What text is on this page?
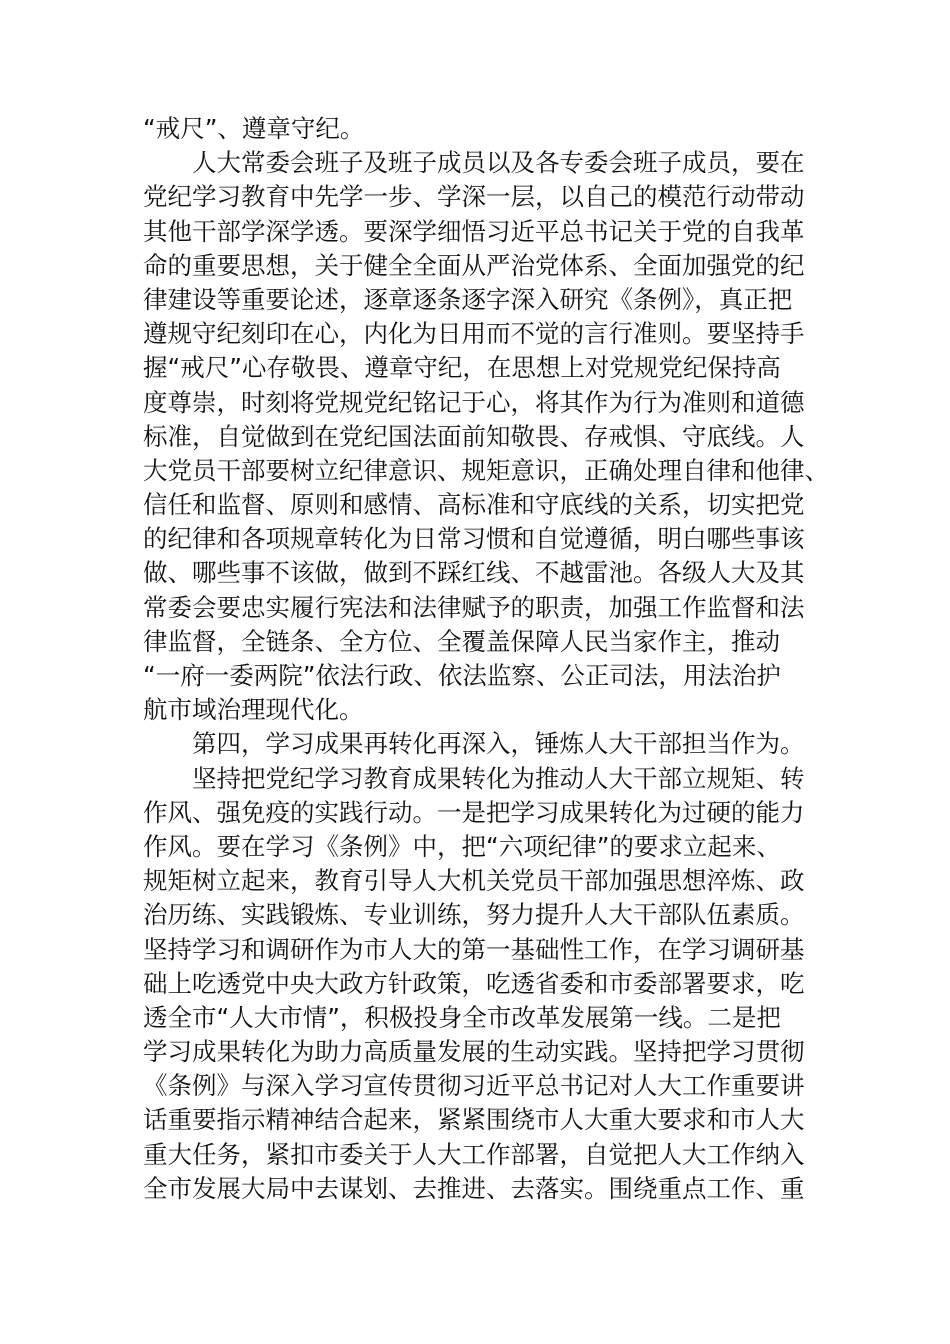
“戒尺”、遵章守纪。
人大常委会班子及班子成员以及各专委会班子成员，要在
党纪学习教育中先学一步、学深一层，以自己的模范行动带动
其他干部学深学透。要深学细悟习近平总书记关于党的自我革
命的重要思想，关于健全全面从严治党体系、全面加强党的纪
律建设等重要论述，逐章逐条逐字深入研究《条例》，真正把
遵规守纪刻印在心，内化为日用而不觉的言行准则。要坚持手
握“戒尺”心存敬畏、遵章守纪，在思想上对党规党纪保持高
度尊崇，时刻将党规党纪铭记于心，将其作为行为准则和道德
标准，自觉做到在党纪国法面前知敬畏、存戒惧、守底线。人
大党员干部要树立纪律意识、规矩意识，正确处理自律和他律、
信任和监督、原则和感情、高标准和守底线的关系，切实把党
的纪律和各项规章转化为日常习惯和自觉遵循，明白哪些事该
做、哪些事不该做，做到不踩红线、不越雷池。各级人大及其
常委会要忠实履行宪法和法律赋予的职责，加强工作监督和法
律监督，全链条、全方位、全覆盖保障人民当家作主，推动
“一府一委两院”依法行政、依法监察、公正司法，用法治护
航市域治理现代化。
第四，学习成果再转化再深入，锤炼人大干部担当作为。
坚持把党纪学习教育成果转化为推动人大干部立规矩、转
作风、强免疫的实践行动。一是把学习成果转化为过硬的能力
作风。要在学习《条例》中，把“六项纪律”的要求立起来、
规矩树立起来，教育引导人大机关党员干部加强思想淬炼、政
治历练、实践锻炼、专业训练，努力提升人大干部队伍素质。
坚持学习和调研作为市人大的第一基础性工作，在学习调研基
础上吃透党中央大政方针政策，吃透省委和市委部署要求，吃
透全市“人大市情”，积极投身全市改革发展第一线。二是把
学习成果转化为助力高质量发展的生动实践。坚持把学习贯彻
《条例》与深入学习宣传贯彻习近平总书记对人大工作重要讲
话重要指示精神结合起来，紧紧围绕市人大重大要求和市人大
重大任务，紧扣市委关于人大工作部署，自觉把人大工作纳入
全市发展大局中去谋划、去推进、去落实。围绕重点工作、重
